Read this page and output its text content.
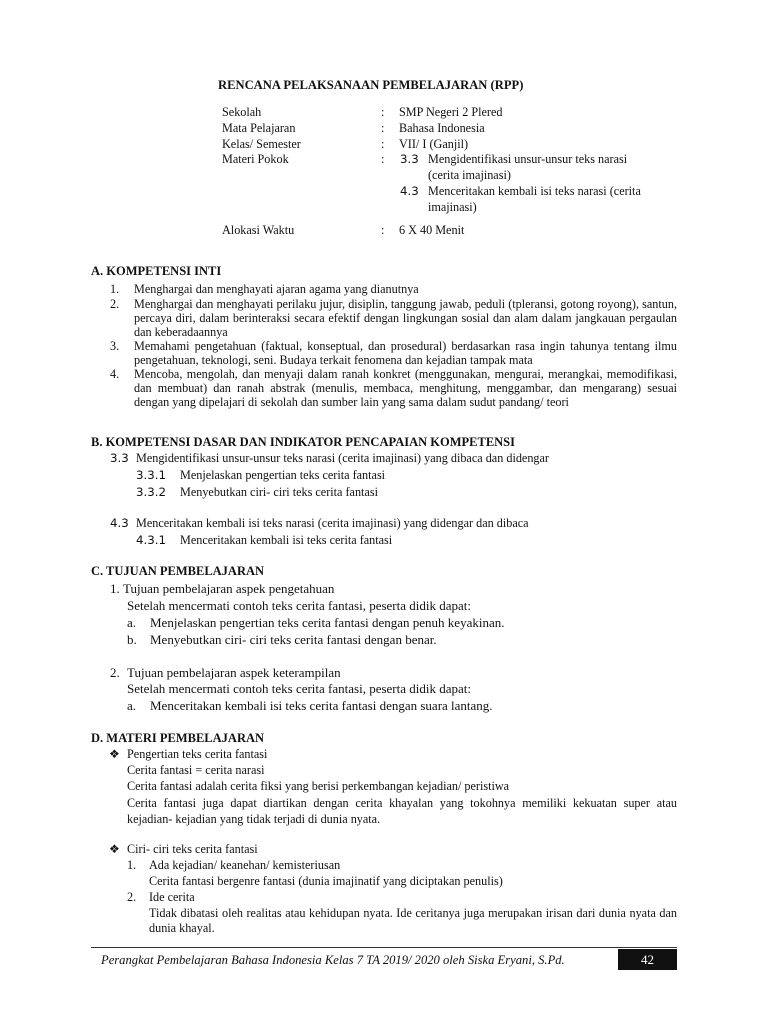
RENCANA PELAKSANAAN PEMBELAJARAN (RPP)
Sekolah	: SMP Negeri 2 Plered
Mata Pelajaran	: Bahasa Indonesia
Kelas/ Semester	: VII/ I (Ganjil)
Materi Pokok	: 3.3 Mengidentifikasi unsur-unsur teks narasi
(cerita imajinasi)
4.3 Menceritakan kembali isi teks narasi (cerita
imajinasi)
Alokasi Waktu	: 6 X 40 Menit
A. KOMPETENSI INTI
1. Menghargai dan menghayati ajaran agama yang dianutnya
2. Menghargai dan menghayati perilaku jujur, disiplin, tanggung jawab, peduli (tpleransi, gotong royong), santun, percaya diri, dalam berinteraksi secara efektif dengan lingkungan sosial dan alam dalam jangkauan pergaulan dan keberadaannya
3. Memahami pengetahuan (faktual, konseptual, dan prosedural) berdasarkan rasa ingin tahunya tentang ilmu pengetahuan, teknologi, seni. Budaya terkait fenomena dan kejadian tampak mata
4. Mencoba, mengolah, dan menyaji dalam ranah konkret (menggunakan, mengurai, merangkai, memodifikasi, dan membuat) dan ranah abstrak (menulis, membaca, menghitung, menggambar, dan mengarang) sesuai dengan yang dipelajari di sekolah dan sumber lain yang sama dalam sudut pandang/ teori
B. KOMPETENSI DASAR DAN INDIKATOR PENCAPAIAN KOMPETENSI
3.3 Mengidentifikasi unsur-unsur teks narasi (cerita imajinasi) yang dibaca dan didengar
3.3.1 Menjelaskan pengertian teks cerita fantasi
3.3.2 Menyebutkan ciri- ciri teks cerita fantasi
4.3 Menceritakan kembali isi teks narasi (cerita imajinasi) yang didengar dan dibaca
4.3.1 Menceritakan kembali isi teks cerita fantasi
C. TUJUAN PEMBELAJARAN
1. Tujuan pembelajaran aspek pengetahuan
Setelah mencermati contoh teks cerita fantasi, peserta didik dapat:
a. Menjelaskan pengertian teks cerita fantasi dengan penuh keyakinan.
b. Menyebutkan ciri- ciri teks cerita fantasi dengan benar.
2. Tujuan pembelajaran aspek keterampilan
Setelah mencermati contoh teks cerita fantasi, peserta didik dapat:
a. Menceritakan kembali isi teks cerita fantasi dengan suara lantang.
D. MATERI PEMBELAJARAN
❖ Pengertian teks cerita fantasi
Cerita fantasi = cerita narasi
Cerita fantasi adalah cerita fiksi yang berisi perkembangan kejadian/ peristiwa
Cerita fantasi juga dapat diartikan dengan cerita khayalan yang tokohnya memiliki kekuatan super atau kejadian- kejadian yang tidak terjadi di dunia nyata.
❖ Ciri- ciri teks cerita fantasi
1. Ada kejadian/ keanehan/ kemisteriusan
Cerita fantasi bergenre fantasi (dunia imajinatif yang diciptakan penulis)
2. Ide cerita
Tidak dibatasi oleh realitas atau kehidupan nyata. Ide ceritanya juga merupakan irisan dari dunia nyata dan dunia khayal.
Perangkat Pembelajaran Bahasa Indonesia Kelas 7 TA 2019/ 2020 oleh Siska Eryani, S.Pd.	42
